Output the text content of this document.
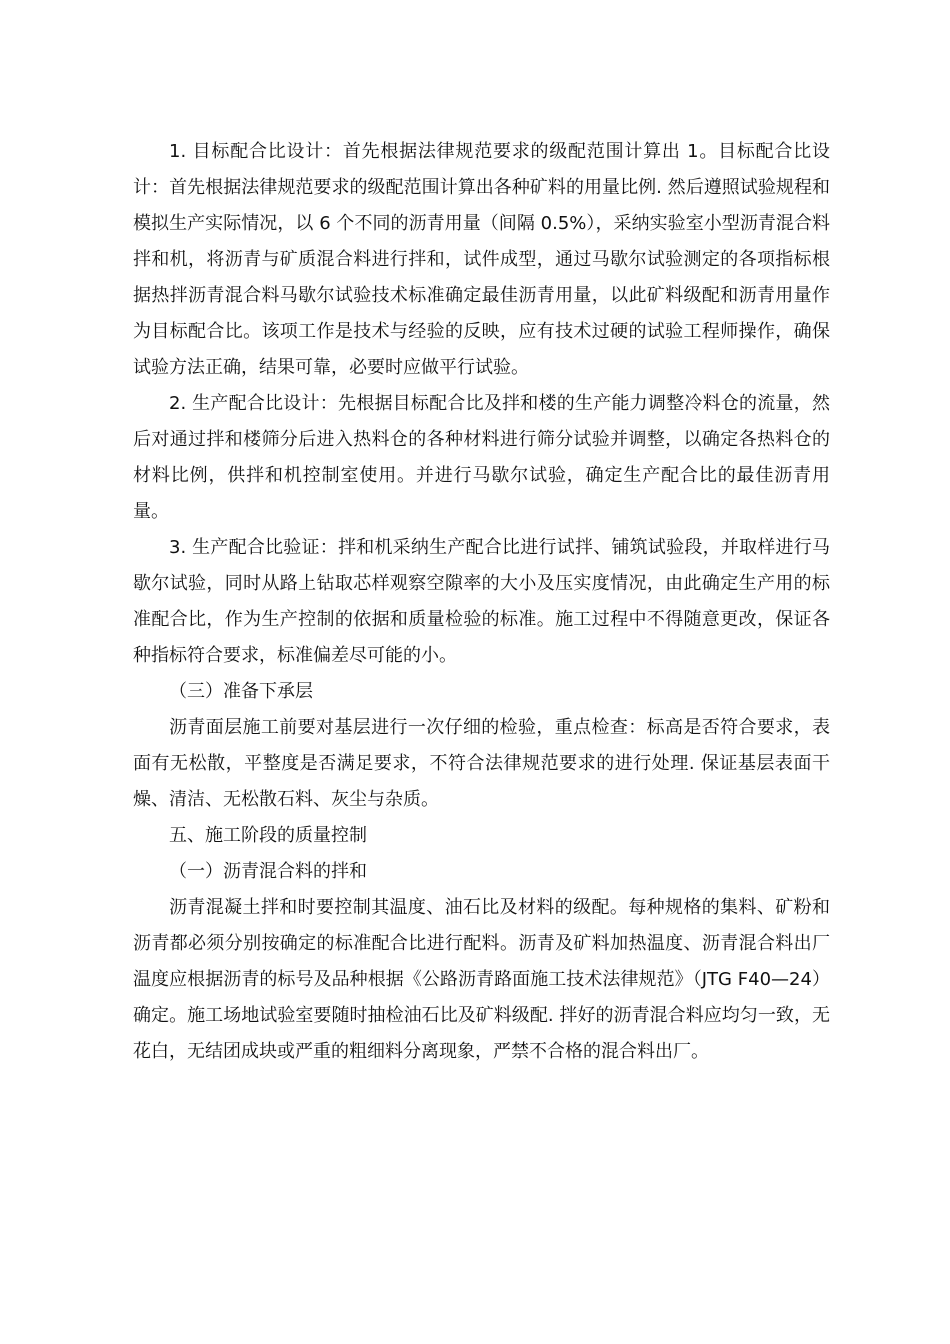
1. 目标配合比设计：首先根据法律规范要求的级配范围计算出 1。目标配合比设计：首先根据法律规范要求的级配范围计算出各种矿料的用量比例. 然后遵照试验规程和模拟生产实际情况，以 6 个不同的沥青用量（间隔 0.5%），采纳实验室小型沥青混合料拌和机，将沥青与矿质混合料进行拌和，试件成型，通过马歇尔试验测定的各项指标根据热拌沥青混合料马歇尔试验技术标准确定最佳沥青用量，以此矿料级配和沥青用量作为目标配合比。该项工作是技术与经验的反映，应有技术过硬的试验工程师操作，确保试验方法正确，结果可靠，必要时应做平行试验。

2. 生产配合比设计：先根据目标配合比及拌和楼的生产能力调整冷料仓的流量，然后对通过拌和楼筛分后进入热料仓的各种材料进行筛分试验并调整，以确定各热料仓的材料比例，供拌和机控制室使用。并进行马歇尔试验，确定生产配合比的最佳沥青用量。

3. 生产配合比验证：拌和机采纳生产配合比进行试拌、铺筑试验段，并取样进行马歇尔试验，同时从路上钻取芯样观察空隙率的大小及压实度情况，由此确定生产用的标准配合比，作为生产控制的依据和质量检验的标准。施工过程中不得随意更改，保证各种指标符合要求，标准偏差尽可能的小。

（三）准备下承层

沥青面层施工前要对基层进行一次仔细的检验，重点检查：标高是否符合要求，表面有无松散，平整度是否满足要求，不符合法律规范要求的进行处理. 保证基层表面干燥、清洁、无松散石料、灰尘与杂质。

五、施工阶段的质量控制

（一）沥青混合料的拌和

沥青混凝土拌和时要控制其温度、油石比及材料的级配。每种规格的集料、矿粉和沥青都必须分别按确定的标准配合比进行配料。沥青及矿料加热温度、沥青混合料出厂温度应根据沥青的标号及品种根据《公路沥青路面施工技术法律规范》（JTG F40—24）确定。施工场地试验室要随时抽检油石比及矿料级配. 拌好的沥青混合料应均匀一致，无花白，无结团成块或严重的粗细料分离现象，严禁不合格的混合料出厂。
